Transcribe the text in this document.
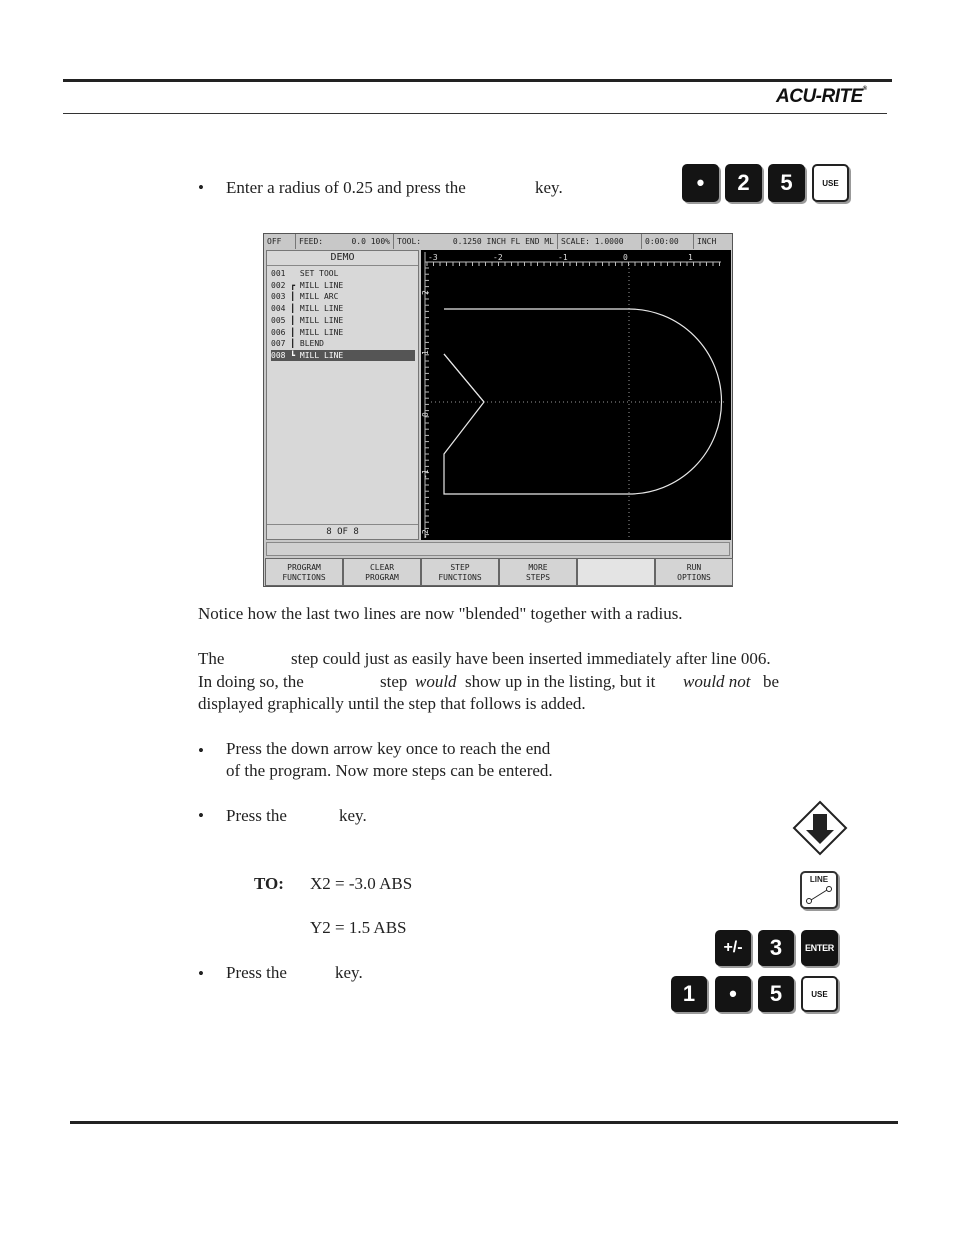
ACU-RITE®
• Enter a radius of 0.25 and press the	key.	•	2	5	USE
OFF	FEED:	0.0 100% TOOL:	0.1250 INCH FL END ML SCALE: 1.0000	0:00:00	INCH
DEMO
001   SET TOOL
002 ┏ MILL LINE
003 ┃ MILL ARC
004 ┃ MILL LINE
005 ┃ MILL LINE
006 ┃ MILL LINE
007 ┃ BLEND
008 ┗ MILL LINE
8 OF 8
-3	-2	-1	0	1
2
1
0
-1
-2
PROGRAM
FUNCTIONS
CLEAR
PROGRAM
STEP
FUNCTIONS
MORE
STEPS
RUN
OPTIONS
Notice how the last two lines are now "blended" together with a radius.
The	step could just as easily have been inserted immediately after line 006.
In doing so, the	step would show up in the listing, but it would not be
displayed graphically until the step that follows is added.
• Press the down arrow key once to reach the end
of the program. Now more steps can be entered.
• Press the	key.
TO: X2 = -3.0 ABS
Y2 = 1.5 ABS
• Press the	key.
LINE
+/-	3	ENTER
1	•	5	USE
